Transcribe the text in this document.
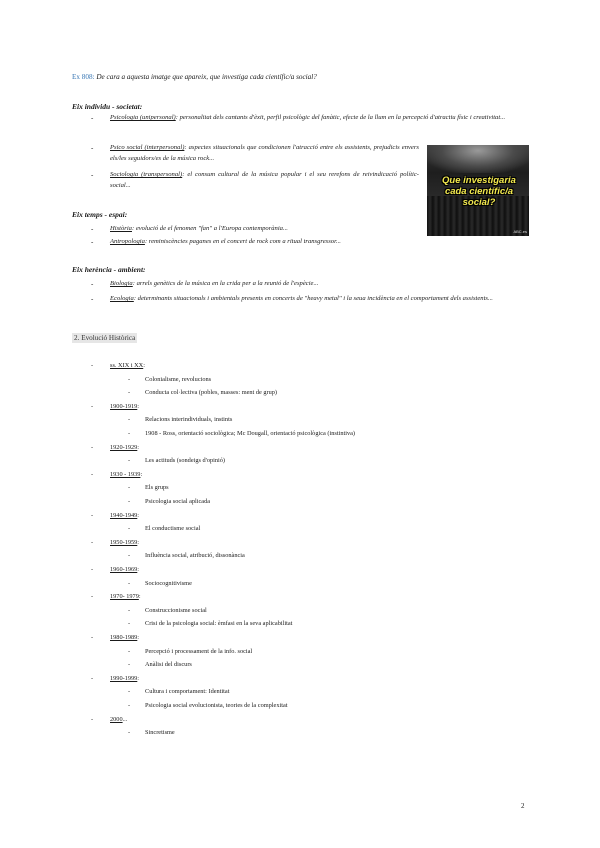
Ex 808: De cara a aquesta imatge que apareix, que investiga cada científic/a social?
Eix individu - societat:
-	Psicologia (unipersonal): personalitat dels cantants d'èxit, perfil psicològic del fanàtic, efecte de la llum en la percepció d'atractiu físic i creativitat...
-	Psico social (interpersonal): aspectes situacionals que condicionen l'atracció entre els assistents, prejudicis envers els/les seguidors/es de la música rock...
-	Sociologia (transpersonal): el consum cultural de la música popular i el seu rerefons de reivindicació polític- social...
Eix temps - espai:
-	Història: evolució de el fenomen "fan" a l'Europa contemporània...
-	Antropologia: reminiscències paganes en el concert de rock com a ritual transgressor...
Eix herència - ambient:
-	Biologia: arrels genètics de la música en la crida per a la reunió de l'espècie...
-	Ecologia: determinants situacionals i ambientals presents en concerts de "heavy metal" i la seua incidència en el comportament dels assistents...
Que investigaria cada científic/a social?
ABC.es
2. Evolució Històrica
-	ss. XIX i XX:
- Colonialisme, revolucions
- Conducta col·lectiva (pobles, masses: ment de grup)
-	1900-1919:
- Relacions interindividuals, instints
- 1908 - Ross, orientació sociològica; Mc Dougall, orientació psicològica (instintiva)
-	1920-1929:
- Les actituds (sondeigs d'opinió)
-	1930 - 1939:
- Els grups
- Psicologia social aplicada
-	1940-1949:
- El conductisme social
-	1950-1959:
- Influència social, atribució, dissonància
-	1960-1969:
- Sociocognitivisme
-	1970- 1979:
- Construccionisme social
- Crisi de la psicologia social: èmfasi en la seva aplicabilitat
-	1980-1989:
- Percepció i processament de la info. social
- Anàlisi del discurs
-	1990-1999:
- Cultura i comportament: Identitat
- Psicologia social evolucionista, teories de la complexitat
-	2000...
- Sincretisme
2
